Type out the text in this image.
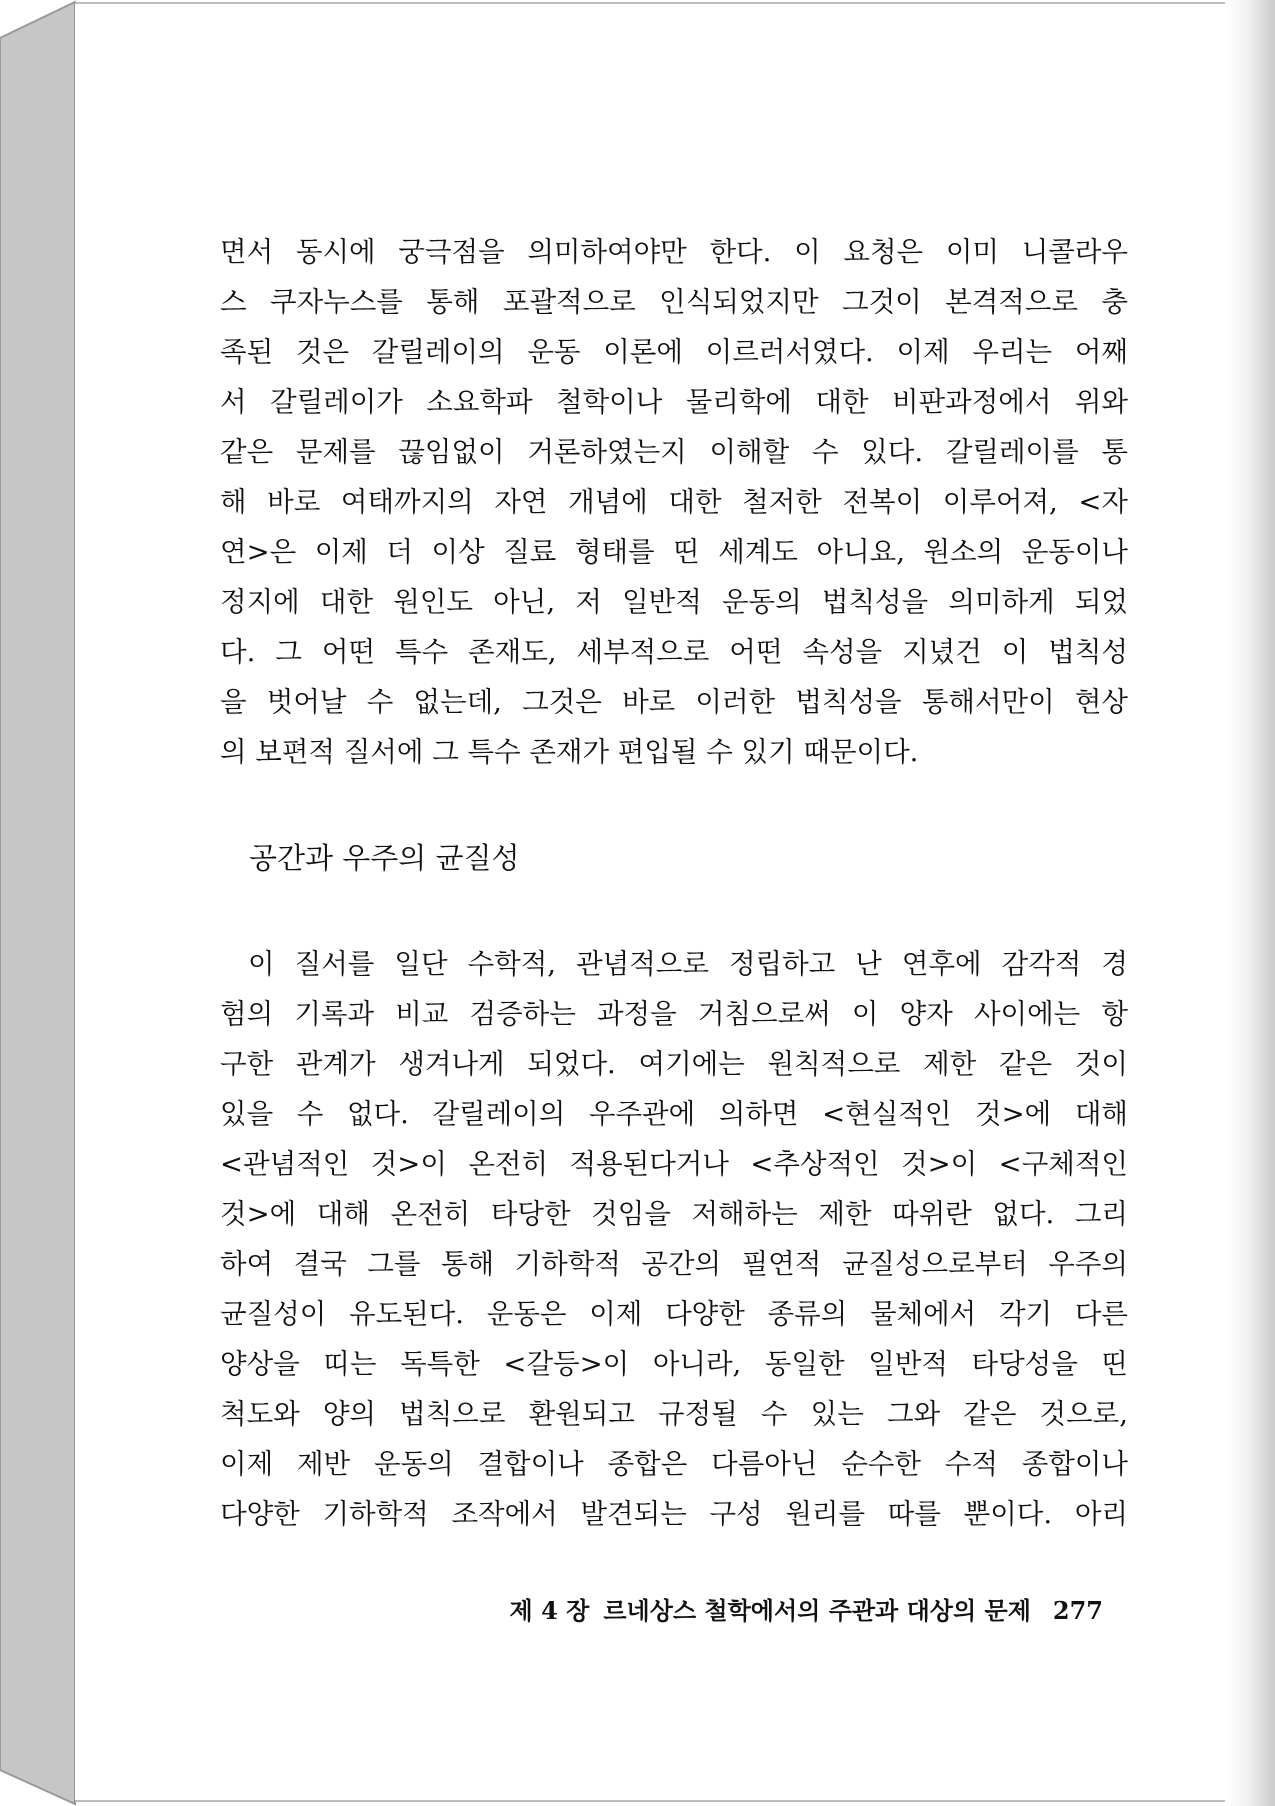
면서 동시에 궁극점을 의미하여야만 한다. 이 요청은 이미 니콜라우
스 쿠자누스를 통해 포괄적으로 인식되었지만 그것이 본격적으로 충
족된 것은 갈릴레이의 운동 이론에 이르러서였다. 이제 우리는 어째
서 갈릴레이가 소요학파 철학이나 물리학에 대한 비판과정에서 위와
같은 문제를 끊임없이 거론하였는지 이해할 수 있다. 갈릴레이를 통
해 바로 여태까지의 자연 개념에 대한 철저한 전복이 이루어져, <자
연>은 이제 더 이상 질료 형태를 띤 세계도 아니요, 원소의 운동이나
정지에 대한 원인도 아닌, 저 일반적 운동의 법칙성을 의미하게 되었
다. 그 어떤 특수 존재도, 세부적으로 어떤 속성을 지녔건 이 법칙성
을 벗어날 수 없는데, 그것은 바로 이러한 법칙성을 통해서만이 현상
의 보편적 질서에 그 특수 존재가 편입될 수 있기 때문이다.
공간과 우주의 균질성
이 질서를 일단 수학적, 관념적으로 정립하고 난 연후에 감각적 경
험의 기록과 비교 검증하는 과정을 거침으로써 이 양자 사이에는 항
구한 관계가 생겨나게 되었다. 여기에는 원칙적으로 제한 같은 것이
있을 수 없다. 갈릴레이의 우주관에 의하면 <현실적인 것>에 대해
<관념적인 것>이 온전히 적용된다거나 <추상적인 것>이 <구체적인
것>에 대해 온전히 타당한 것임을 저해하는 제한 따위란 없다. 그리
하여 결국 그를 통해 기하학적 공간의 필연적 균질성으로부터 우주의
균질성이 유도된다. 운동은 이제 다양한 종류의 물체에서 각기 다른
양상을 띠는 독특한 <갈등>이 아니라, 동일한 일반적 타당성을 띤
척도와 양의 법칙으로 환원되고 규정될 수 있는 그와 같은 것으로,
이제 제반 운동의 결합이나 종합은 다름아닌 순수한 수적 종합이나
다양한 기하학적 조작에서 발견되는 구성 원리를 따를 뿐이다. 아리
제 4 장 르네상스 철학에서의 주관과 대상의 문제 277
